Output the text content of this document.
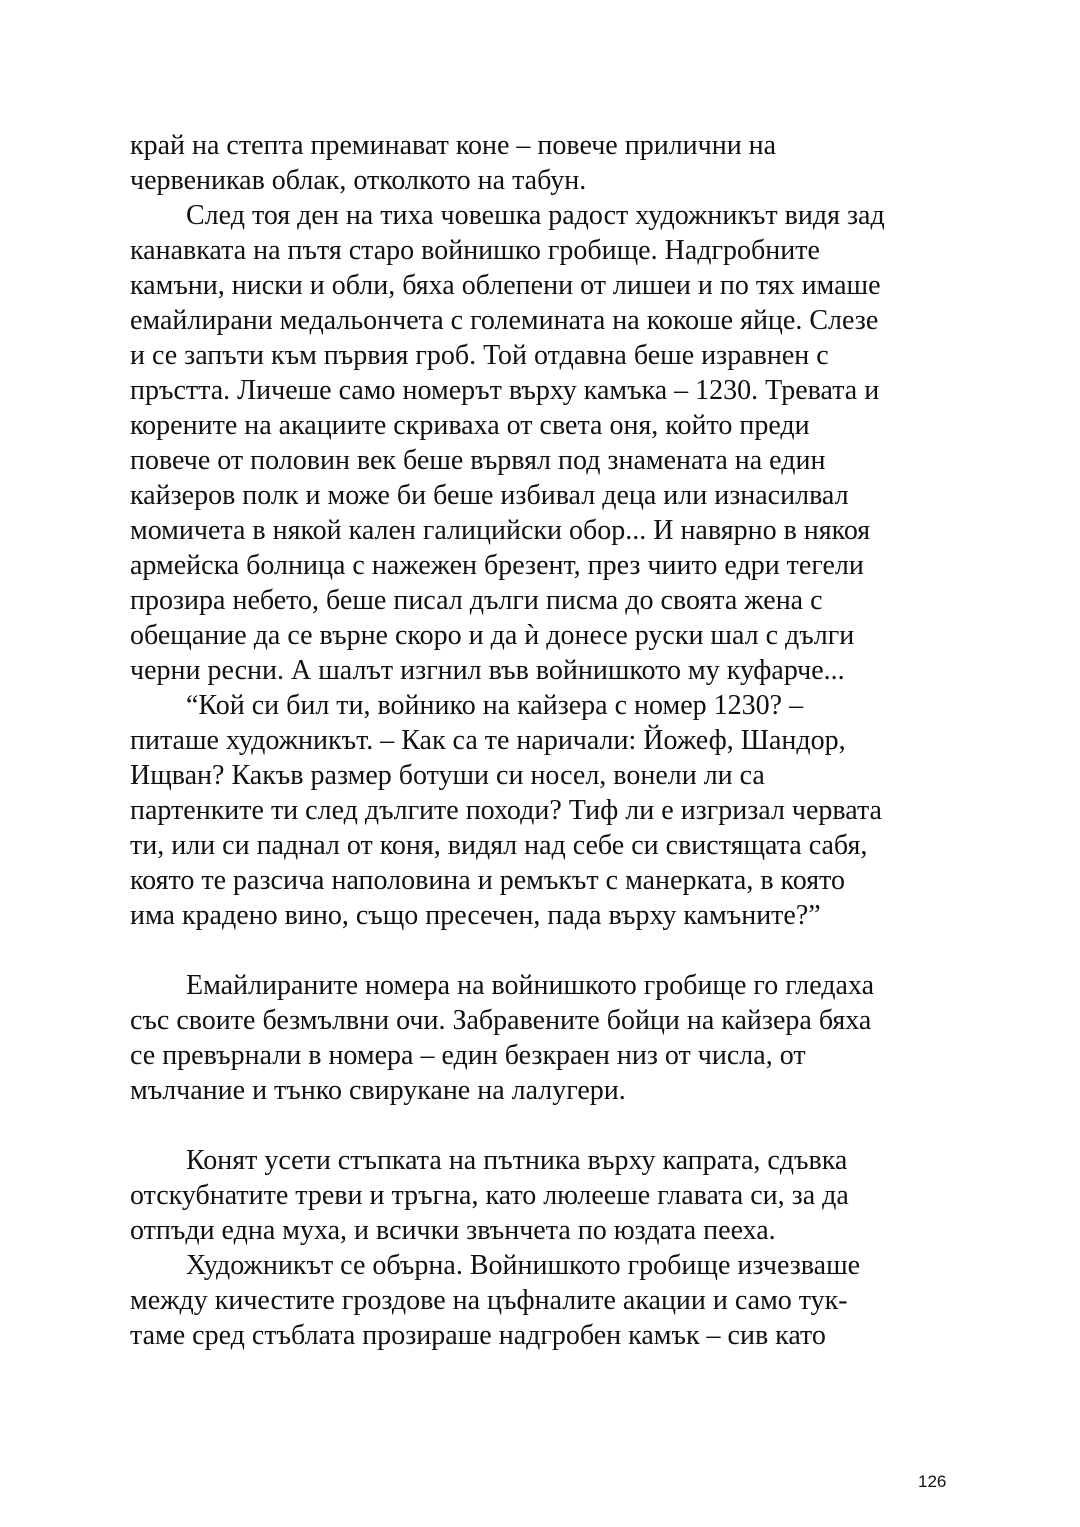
край на степта преминават коне – повече прилични на
червеникав облак, отколкото на табун.
След тоя ден на тиха човешка радост художникът видя зад
канавката на пътя старо войнишко гробище. Надгробните
камъни, ниски и обли, бяха облепени от лишеи и по тях имаше
емайлирани медальончета с големината на кокоше яйце. Слезе
и се запъти към първия гроб. Той отдавна беше изравнен с
пръстта. Личеше само номерът върху камъка – 1230. Тревата и
корените на акациите скриваха от света оня, който преди
повече от половин век беше вървял под знамената на един
кайзеров полк и може би беше избивал деца или изнасилвал
момичета в някой кален галицийски обор... И навярно в някоя
армейска болница с нажежен брезент, през чиито едри тегели
прозира небето, беше писал дълги писма до своята жена с
обещание да се върне скоро и да ѝ донесе руски шал с дълги
черни ресни. А шалът изгнил във войнишкото му куфарче...
“Кой си бил ти, войнико на кайзера с номер 1230? –
питаше художникът. – Как са те наричали: Йожеф, Шандор,
Ищван? Какъв размер ботуши си носел, вонели ли са
партенките ти след дългите походи? Тиф ли е изгризал червата
ти, или си паднал от коня, видял над себе си свистящата сабя,
която те разсича наполовина и ремъкът с манерката, в която
има крадено вино, също пресечен, пада върху камъните?”
Емайлираните номера на войнишкото гробище го гледаха
със своите безмълвни очи. Забравените бойци на кайзера бяха
се превърнали в номера – един безкраен низ от числа, от
мълчание и тънко свирукане на лалугери.
Конят усети стъпката на пътника върху капрата, сдъвка
отскубнатите треви и тръгна, като люлееше главата си, за да
отпъди една муха, и всички звънчета по юздата пееха.
Художникът се обърна. Войнишкото гробище изчезваше
между кичестите гроздове на цъфналите акации и само тук-
таме сред стъблата прозираше надгробен камък – сив като
126
